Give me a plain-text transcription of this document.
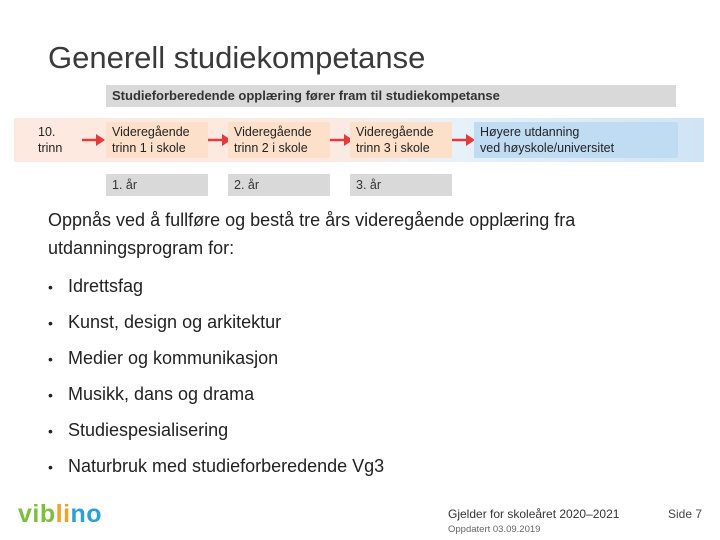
Generell studiekompetanse
Studieforberedende opplæring fører fram til studiekompetanse
10.
trinn
Videregående
trinn 1 i skole
Videregående
trinn 2 i skole
Videregående
trinn 3 i skole
Høyere utdanning
ved høyskole/universitet
1. år	2. år	3. år

Oppnås ved å fullføre og bestå tre års videregående opplæring fra utdanningsprogram for:

• Idrettsfag
• Kunst, design og arkitektur
• Medier og kommunikasjon
• Musikk, dans og drama
• Studiespesialisering
• Naturbruk med studieforberedende Vg3
viblino	Gjelder for skoleåret 2020–2021
Oppdatert 03.09.2019
Side 7
